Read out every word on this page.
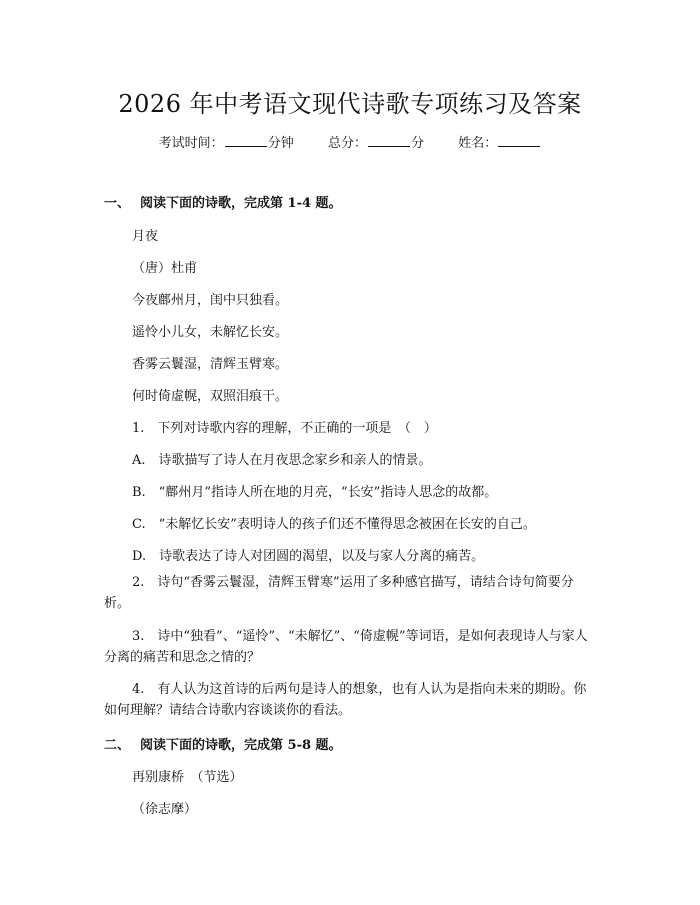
2026 年中考语文现代诗歌专项练习及答案
考试时间：	分钟	总分：	分	姓名：
一、 阅读下面的诗歌，完成第 1-4 题。
月夜
（唐）杜甫
今夜鄜州月，闺中只独看。
遥怜小儿女，未解忆长安。
香雾云鬟湿，清辉玉臂寒。
何时倚虚幌，双照泪痕干。
1.　下列对诗歌内容的理解，不正确的一项是　（　）
A.　诗歌描写了诗人在月夜思念家乡和亲人的情景。
B.　“鄜州月”指诗人所在地的月亮，“长安”指诗人思念的故都。
C.　“未解忆长安”表明诗人的孩子们还不懂得思念被困在长安的自己。
D.　诗歌表达了诗人对团圆的渴望，以及与家人分离的痛苦。
2.　诗句“香雾云鬟湿，清辉玉臂寒”运用了多种感官描写，请结合诗句简要分析。
3.　诗中“独看”、“遥怜”、“未解忆”、“倚虚幌”等词语，是如何表现诗人与家人分离的痛苦和思念之情的？
4.　有人认为这首诗的后两句是诗人的想象，也有人认为是指向未来的期盼。你如何理解？请结合诗歌内容谈谈你的看法。
二、 阅读下面的诗歌，完成第 5-8 题。
再别康桥　（节选）
（徐志摩）
